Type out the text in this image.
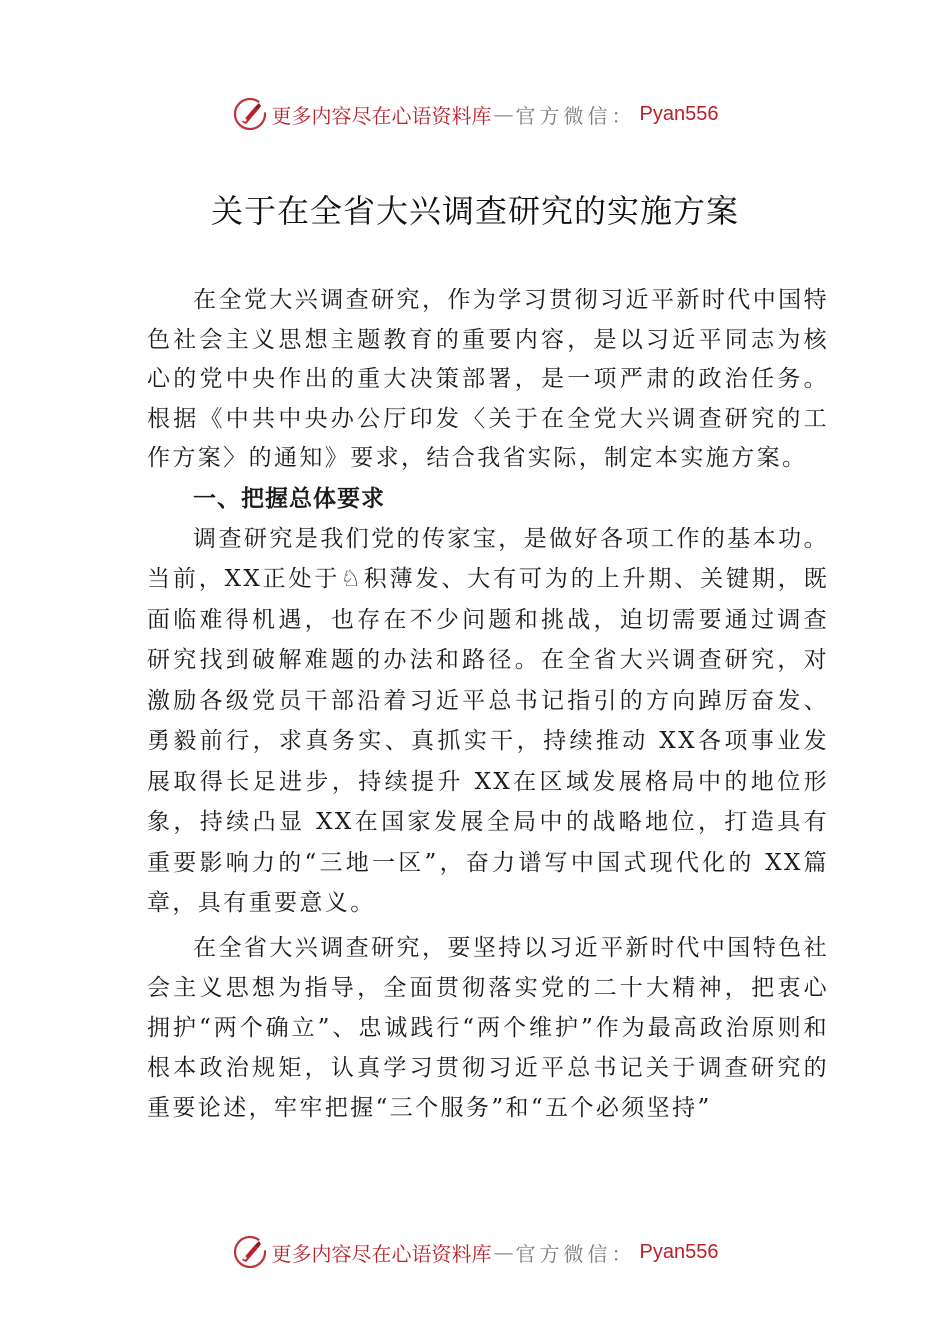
更多内容尽在心语资料库 — 官方微信： Pyan556
关于在全省大兴调查研究的实施方案

在全党大兴调查研究，作为学习贯彻习近平新时代中国特色社会主义思想主题教育的重要内容，是以习近平同志为核心的党中央作出的重大决策部署，是一项严肃的政治任务。根据《中共中央办公厅印发〈关于在全党大兴调查研究的工作方案〉的通知》要求，结合我省实际，制定本实施方案。

一、把握总体要求

调查研究是我们党的传家宝，是做好各项工作的基本功。当前，XX正处于♘积薄发、大有可为的上升期、关键期，既面临难得机遇，也存在不少问题和挑战，迫切需要通过调查 研究找到破解难题的办法和路径。在全省大兴调查研究，对激励各级党员干部沿着习近平总书记指引的方向踔厉奋发、勇毅前行，求真务实、真抓实干，持续推动 XX各项事业发 展取得长足进步，持续提升 XX在区域发展格局中的地位形 象，持续凸显 XX在国家发展全局中的战略地位，打造具有重要影响力的“三地一区”，奋力谱写中国式现代化的 XX篇章，具有重要意义。

在全省大兴调查研究，要坚持以习近平新时代中国特色社会主义思想为指导，全面贯彻落实党的二十大精神，把衷心拥护“两个确立”、忠诚践行“两个维护”作为最高政治原则和根本政治规矩，认真学习贯彻习近平总书记关于调查研究的重要论述，牢牢把握“三个服务”和“五个必须坚持”

更多内容尽在心语资料库 — 官方微信： Pyan556
